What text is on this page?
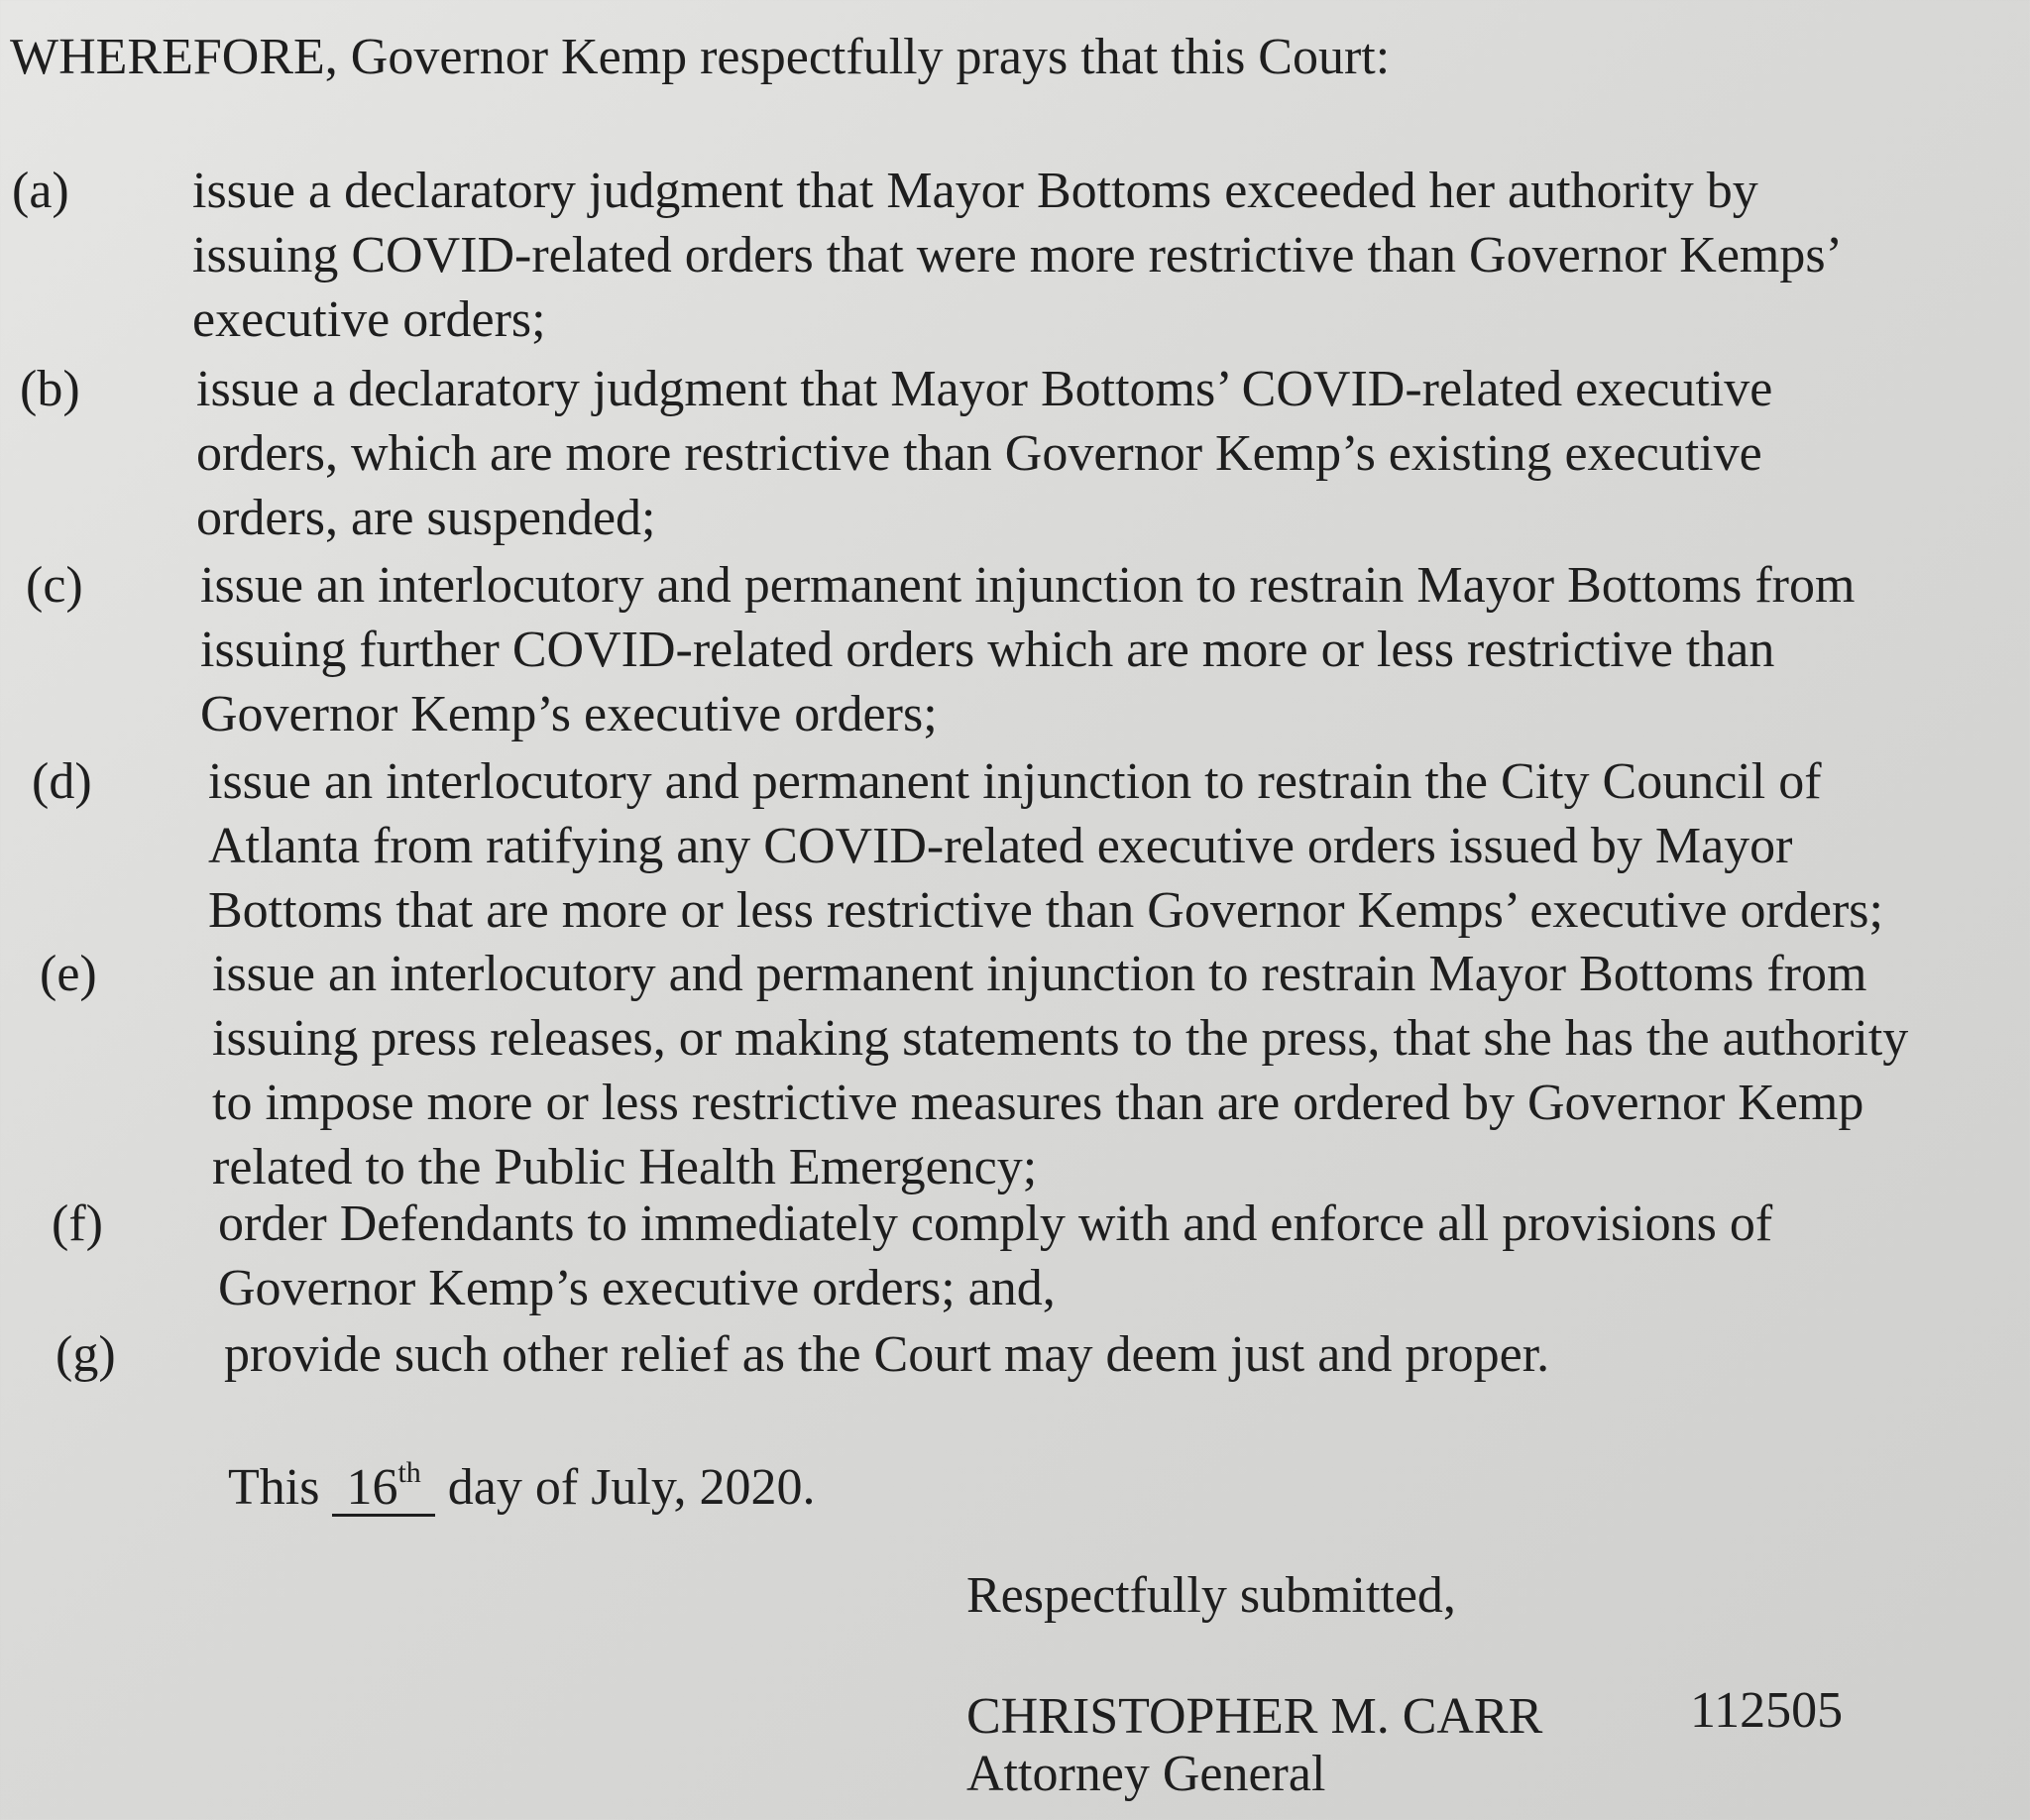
WHEREFORE, Governor Kemp respectfully prays that this Court:
(a) issue a declaratory judgment that Mayor Bottoms exceeded her authority by
issuing COVID-related orders that were more restrictive than Governor Kemps’
executive orders;
(b) issue a declaratory judgment that Mayor Bottoms’ COVID-related executive
orders, which are more restrictive than Governor Kemp’s existing executive
orders, are suspended;
(c) issue an interlocutory and permanent injunction to restrain Mayor Bottoms from
issuing further COVID-related orders which are more or less restrictive than
Governor Kemp’s executive orders;
(d) issue an interlocutory and permanent injunction to restrain the City Council of
Atlanta from ratifying any COVID-related executive orders issued by Mayor
Bottoms that are more or less restrictive than Governor Kemps’ executive orders;
(e) issue an interlocutory and permanent injunction to restrain Mayor Bottoms from
issuing press releases, or making statements to the press, that she has the authority
to impose more or less restrictive measures than are ordered by Governor Kemp
related to the Public Health Emergency;
(f) order Defendants to immediately comply with and enforce all provisions of
Governor Kemp’s executive orders; and,
(g) provide such other relief as the Court may deem just and proper.
This 16th day of July, 2020.
Respectfully submitted,
CHRISTOPHER M. CARR	112505
Attorney General
